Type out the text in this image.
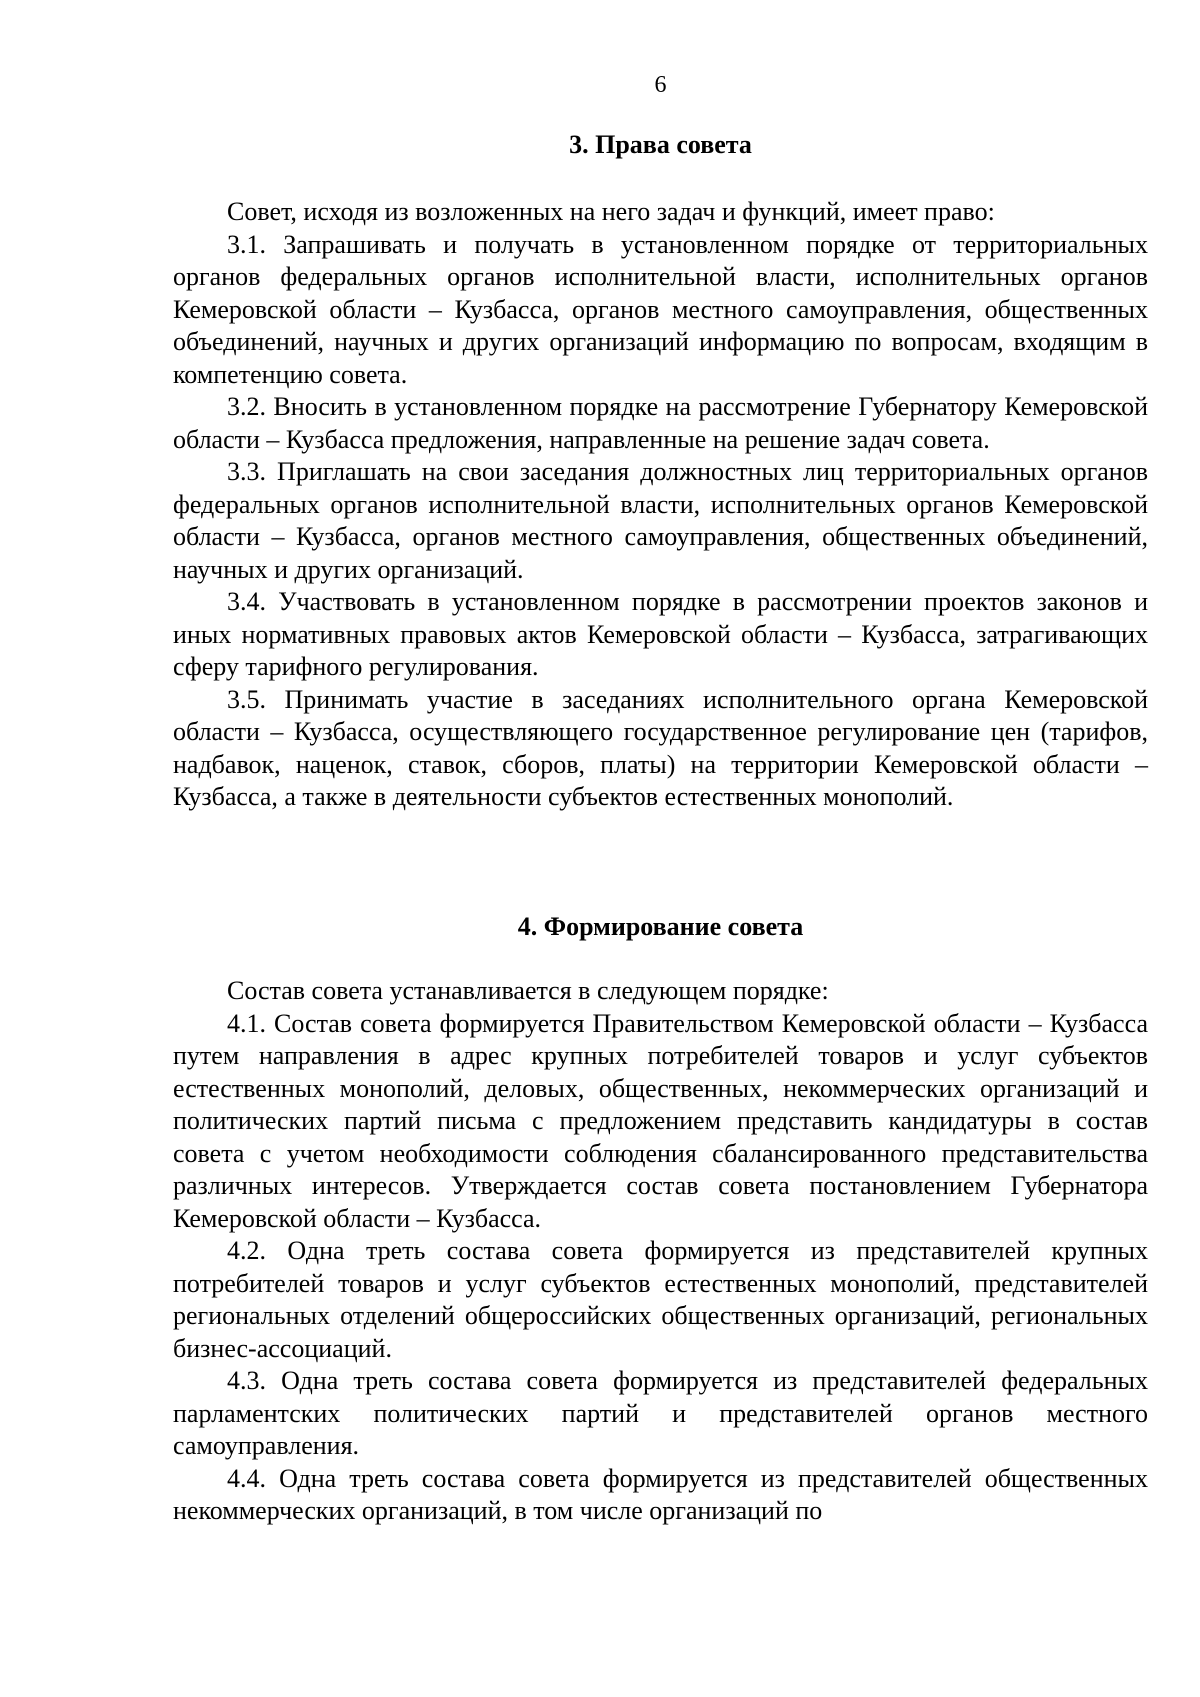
6
3. Права совета

Совет, исходя из возложенных на него задач и функций, имеет право:

3.1. Запрашивать и получать в установленном порядке от территориальных органов федеральных органов исполнительной власти, исполнительных органов Кемеровской области – Кузбасса, органов местного самоуправления, общественных объединений, научных и других организаций информацию по вопросам, входящим в компетенцию совета.

3.2. Вносить в установленном порядке на рассмотрение Губернатору Кемеровской области – Кузбасса предложения, направленные на решение задач совета.

3.3. Приглашать на свои заседания должностных лиц территориальных органов федеральных органов исполнительной власти, исполнительных органов Кемеровской области – Кузбасса, органов местного самоуправления, общественных объединений, научных и других организаций.

3.4. Участвовать в установленном порядке в рассмотрении проектов законов и иных нормативных правовых актов Кемеровской области – Кузбасса, затрагивающих сферу тарифного регулирования.

3.5. Принимать участие в заседаниях исполнительного органа Кемеровской области – Кузбасса, осуществляющего государственное регулирование цен (тарифов, надбавок, наценок, ставок, сборов, платы) на территории Кемеровской области – Кузбасса, а также в деятельности субъектов естественных монополий.

4. Формирование совета

Состав совета устанавливается в следующем порядке:

4.1. Состав совета формируется Правительством Кемеровской области – Кузбасса путем направления в адрес крупных потребителей товаров и услуг субъектов естественных монополий, деловых, общественных, некоммерческих организаций и политических партий письма с предложением представить кандидатуры в состав совета с учетом необходимости соблюдения сбалансированного представительства различных интересов. Утверждается состав совета постановлением Губернатора Кемеровской области – Кузбасса.

4.2. Одна треть состава совета формируется из представителей крупных потребителей товаров и услуг субъектов естественных монополий, представителей региональных отделений общероссийских общественных организаций, региональных бизнес-ассоциаций.

4.3. Одна треть состава совета формируется из представителей федеральных парламентских политических партий и представителей органов местного самоуправления.

4.4. Одна треть состава совета формируется из представителей общественных некоммерческих организаций, в том числе организаций по
